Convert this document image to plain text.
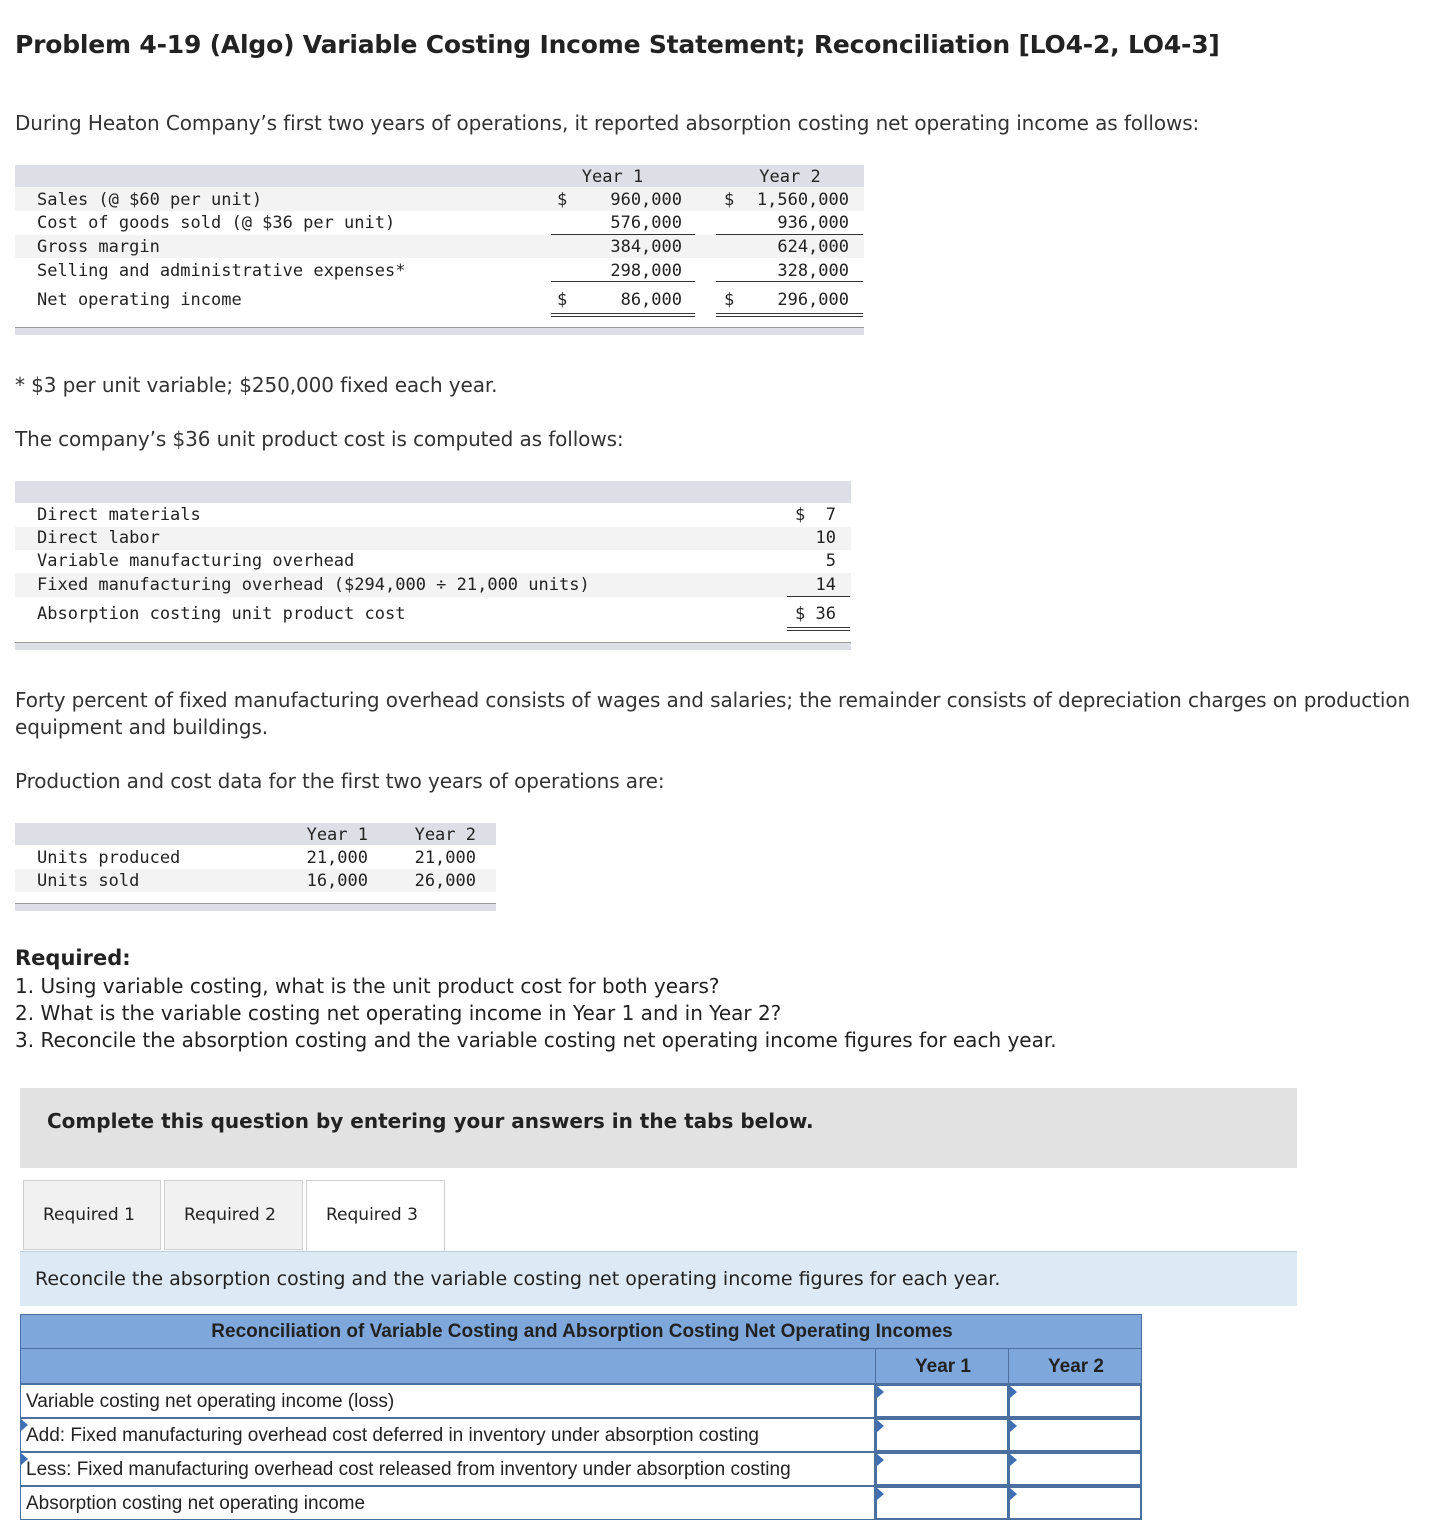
Problem 4-19 (Algo) Variable Costing Income Statement; Reconciliation [LO4-2, LO4-3]
During Heaton Company’s first two years of operations, it reported absorption costing net operating income as follows:
Year 1	Year 2
Sales (@ $60 per unit)	$	960,000 $	1,560,000
Cost of goods sold (@ $36 per unit)	576,000	936,000
Gross margin	384,000	624,000
Selling and administrative expenses*	298,000	328,000
Net operating income	$	86,000 $	296,000
* $3 per unit variable; $250,000 fixed each year.
The company’s $36 unit product cost is computed as follows:
Direct materials	$  7
Direct labor	10
Variable manufacturing overhead	5
Fixed manufacturing overhead ($294,000 ÷ 21,000 units)	14
Absorption costing unit product cost	$ 36
Forty percent of fixed manufacturing overhead consists of wages and salaries; the remainder consists of depreciation charges on production equipment and buildings.
Production and cost data for the first two years of operations are:
Year 1	Year 2
Units produced	21,000	21,000
Units sold	16,000	26,000
Required:
1. Using variable costing, what is the unit product cost for both years?
2. What is the variable costing net operating income in Year 1 and in Year 2?
3. Reconcile the absorption costing and the variable costing net operating income figures for each year.
Complete this question by entering your answers in the tabs below.
Required 1	Required 2	Required 3
Reconcile the absorption costing and the variable costing net operating income figures for each year.
Reconciliation of Variable Costing and Absorption Costing Net Operating Incomes
Year 1	Year 2
Variable costing net operating income (loss)
Add: Fixed manufacturing overhead cost deferred in inventory under absorption costing
Less: Fixed manufacturing overhead cost released from inventory under absorption costing
Absorption costing net operating income
